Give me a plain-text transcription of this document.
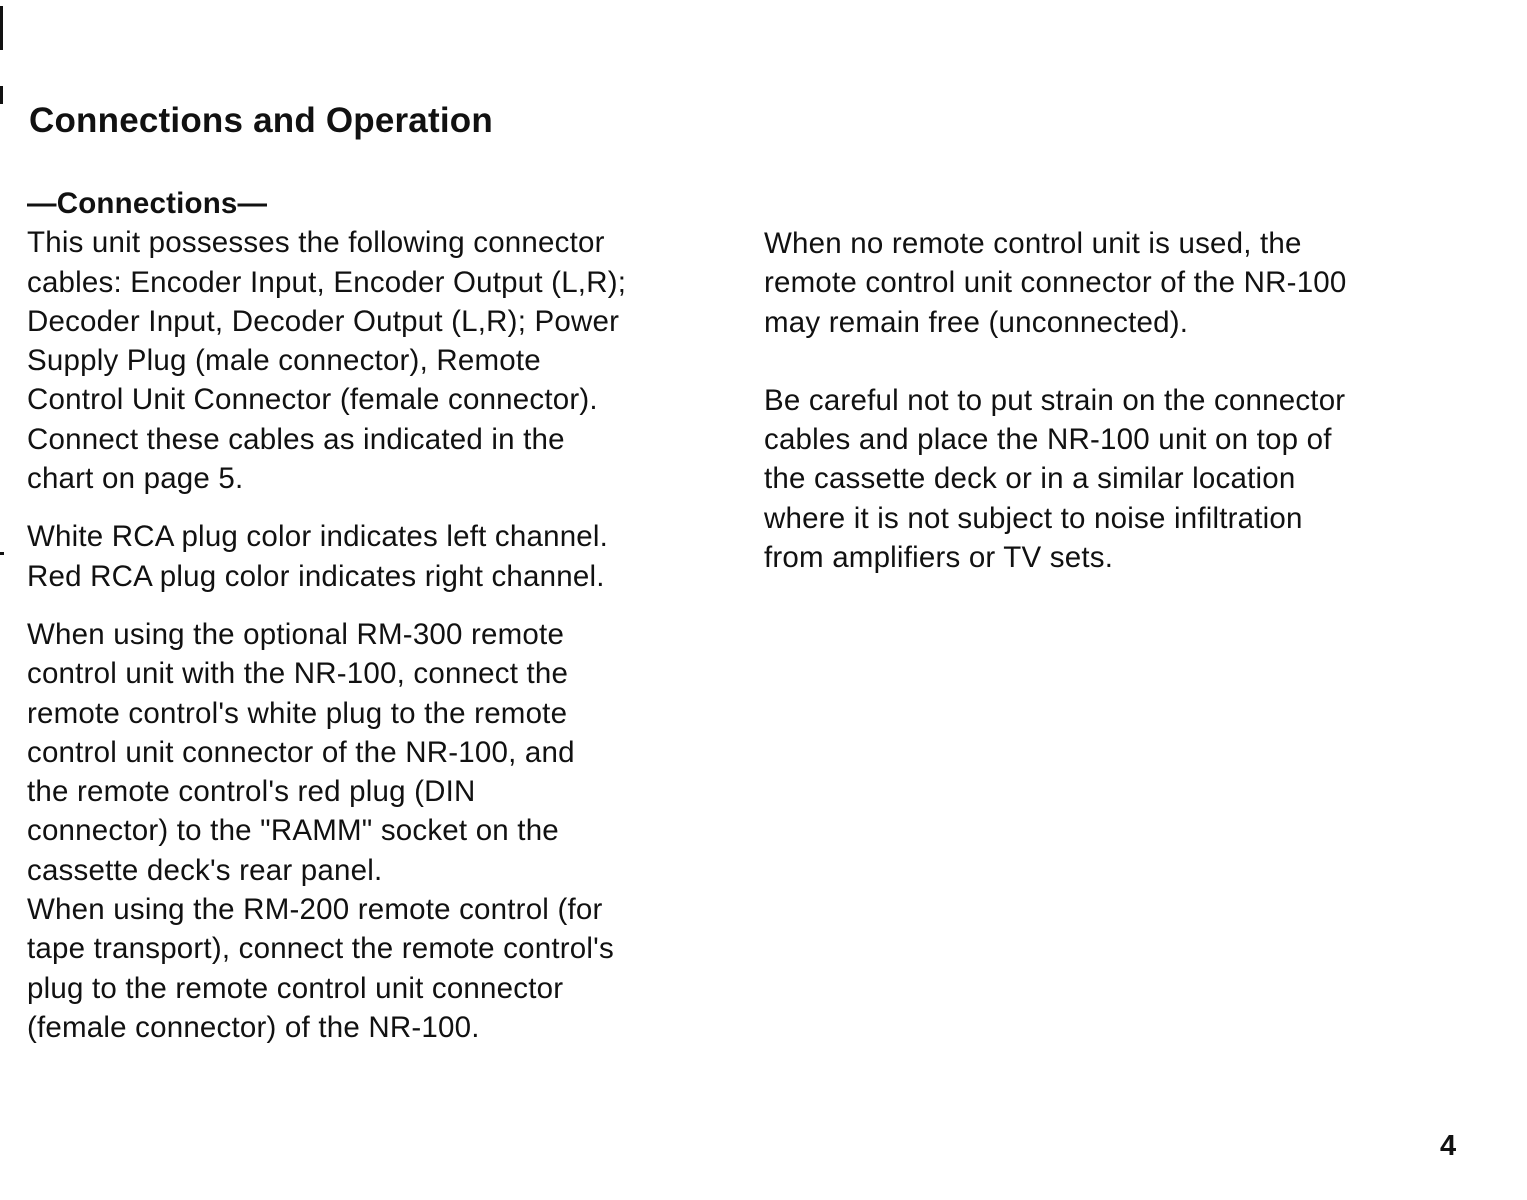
Connections and Operation
—Connections—

This unit possesses the following connector
cables: Encoder Input, Encoder Output (L,R);
Decoder Input, Decoder Output (L,R); Power
Supply Plug (male connector), Remote
Control Unit Connector (female connector).
Connect these cables as indicated in the
chart on page 5.

White RCA plug color indicates left channel.
Red RCA plug color indicates right channel.

When using the optional RM-300 remote
control unit with the NR-100, connect the
remote control's white plug to the remote
control unit connector of the NR-100, and
the remote control's red plug (DIN
connector) to the "RAMM" socket on the
cassette deck's rear panel.
When using the RM-200 remote control (for
tape transport), connect the remote control's
plug to the remote control unit connector
(female connector) of the NR-100.

When no remote control unit is used, the
remote control unit connector of the NR-100
may remain free (unconnected).

Be careful not to put strain on the connector
cables and place the NR-100 unit on top of
the cassette deck or in a similar location
where it is not subject to noise infiltration
from amplifiers or TV sets.

4
